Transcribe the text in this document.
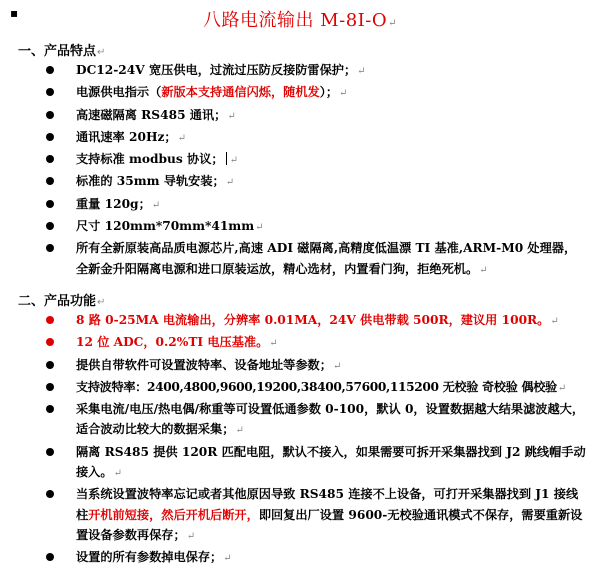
▪	八路电流输出 M-8I-O↵
一、产品特点↵
DC12-24V 宽压供电，过流过压防反接防雷保护；↵
电源供电指示（新版本支持通信闪烁，随机发）；↵
高速磁隔离 RS485 通讯；↵
通讯速率 20Hz；↵
支持标准 modbus 协议； ↵
标准的 35mm 导轨安装；↵
重量 120g；↵
尺寸 120mm*70mm*41mm↵
所有全新原装高品质电源芯片,高速 ADI 磁隔离,高精度低温漂 TI 基准,ARM-M0 处理器，全新金升阳隔离电源和进口原装运放，精心选材，内置看门狗，拒绝死机。↵
二、产品功能↵
8 路 0-25MA 电流输出，分辨率 0.01MA，24V 供电带载 500R，建议用 100R。↵
12 位 ADC，0.2%TI 电压基准。↵
提供自带软件可设置波特率、设备地址等参数；↵
支持波特率：2400,4800,9600,19200,38400,57600,115200 无校验 奇校验 偶校验↵
采集电流/电压/热电偶/称重等可设置低通参数 0-100，默认 0，设置数据越大结果滤波越大，适合波动比较大的数据采集；↵
隔离 RS485 提供 120R 匹配电阻，默认不接入，如果需要可拆开采集器找到 J2 跳线帽手动接入。↵
当系统设置波特率忘记或者其他原因导致 RS485 连接不上设备，可打开采集器找到 J1 接线柱开机前短接，然后开机后断开，即回复出厂设置 9600-无校验通讯模式不保存，需要重新设置设备参数再保存；↵
设置的所有参数掉电保存；↵
